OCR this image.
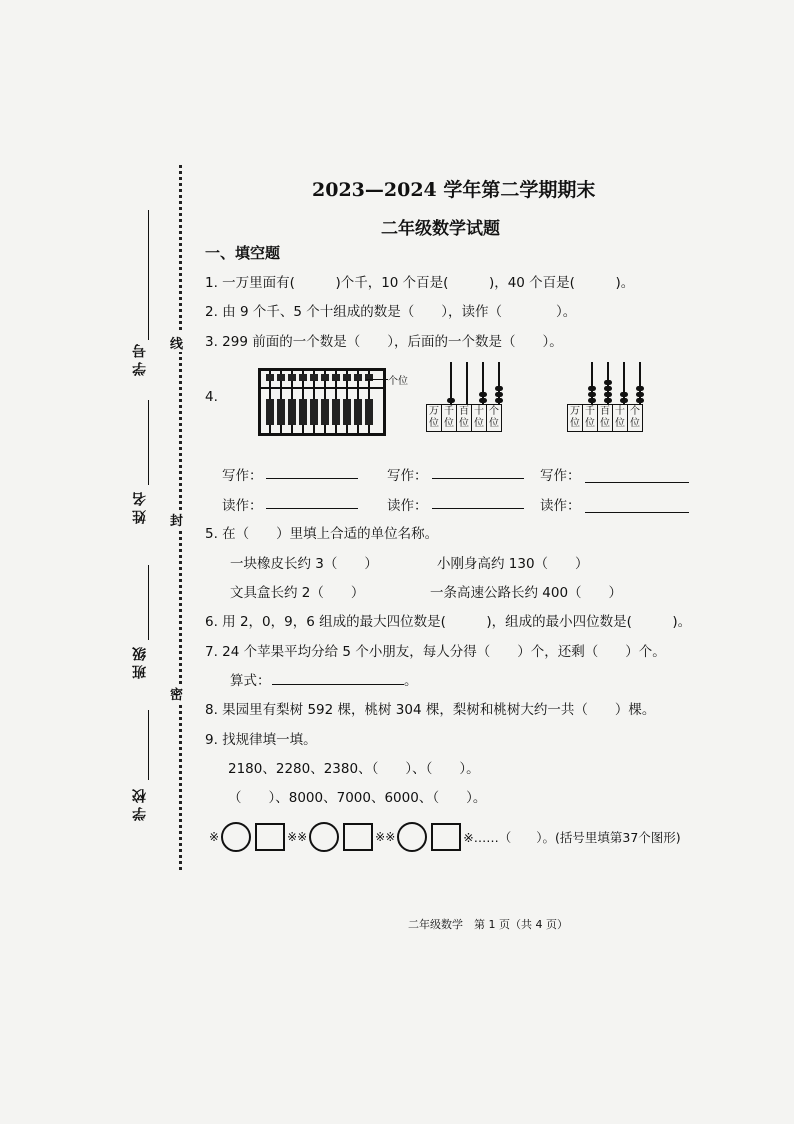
学号
姓名
班级
学校
线
封
密
2023—2024 学年第二学期期末
二年级数学试题
一、填空题
1. 一万里面有(　　　)个千，10 个百是(　　　)，40 个百是(　　　)。
2. 由 9 个千、5 个十组成的数是（　　），读作（　　　　）。
3. 299 前面的一个数是（　　），后面的一个数是（　　）。
4.
个位
万位	千位	百位	十位	个位
万位	千位	百位	十位	个位
写作：
读作：
写作：
读作：
写作：
读作：
5. 在（　　）里填上合适的单位名称。
一块橡皮长约 3（　　）	小刚身高约 130（　　）
文具盒长约 2（　　）	一条高速公路长约 400（　　）
6. 用 2，0，9，6 组成的最大四位数是(　　　)，组成的最小四位数是(　　　)。
7. 24 个苹果平均分给 5 个小朋友，每人分得（　　）个，还剩（　　）个。
算式：	。
8. 果园里有梨树 592 棵，桃树 304 棵，梨树和桃树大约一共（　　）棵。
9. 找规律填一填。
2180、2280、2380、（　　）、（　　）。
（　　）、8000、7000、6000、（　　）。
※	※※	※※	※……（　　）。(括号里填第37个图形)
二年级数学　第 1 页（共 4 页）
